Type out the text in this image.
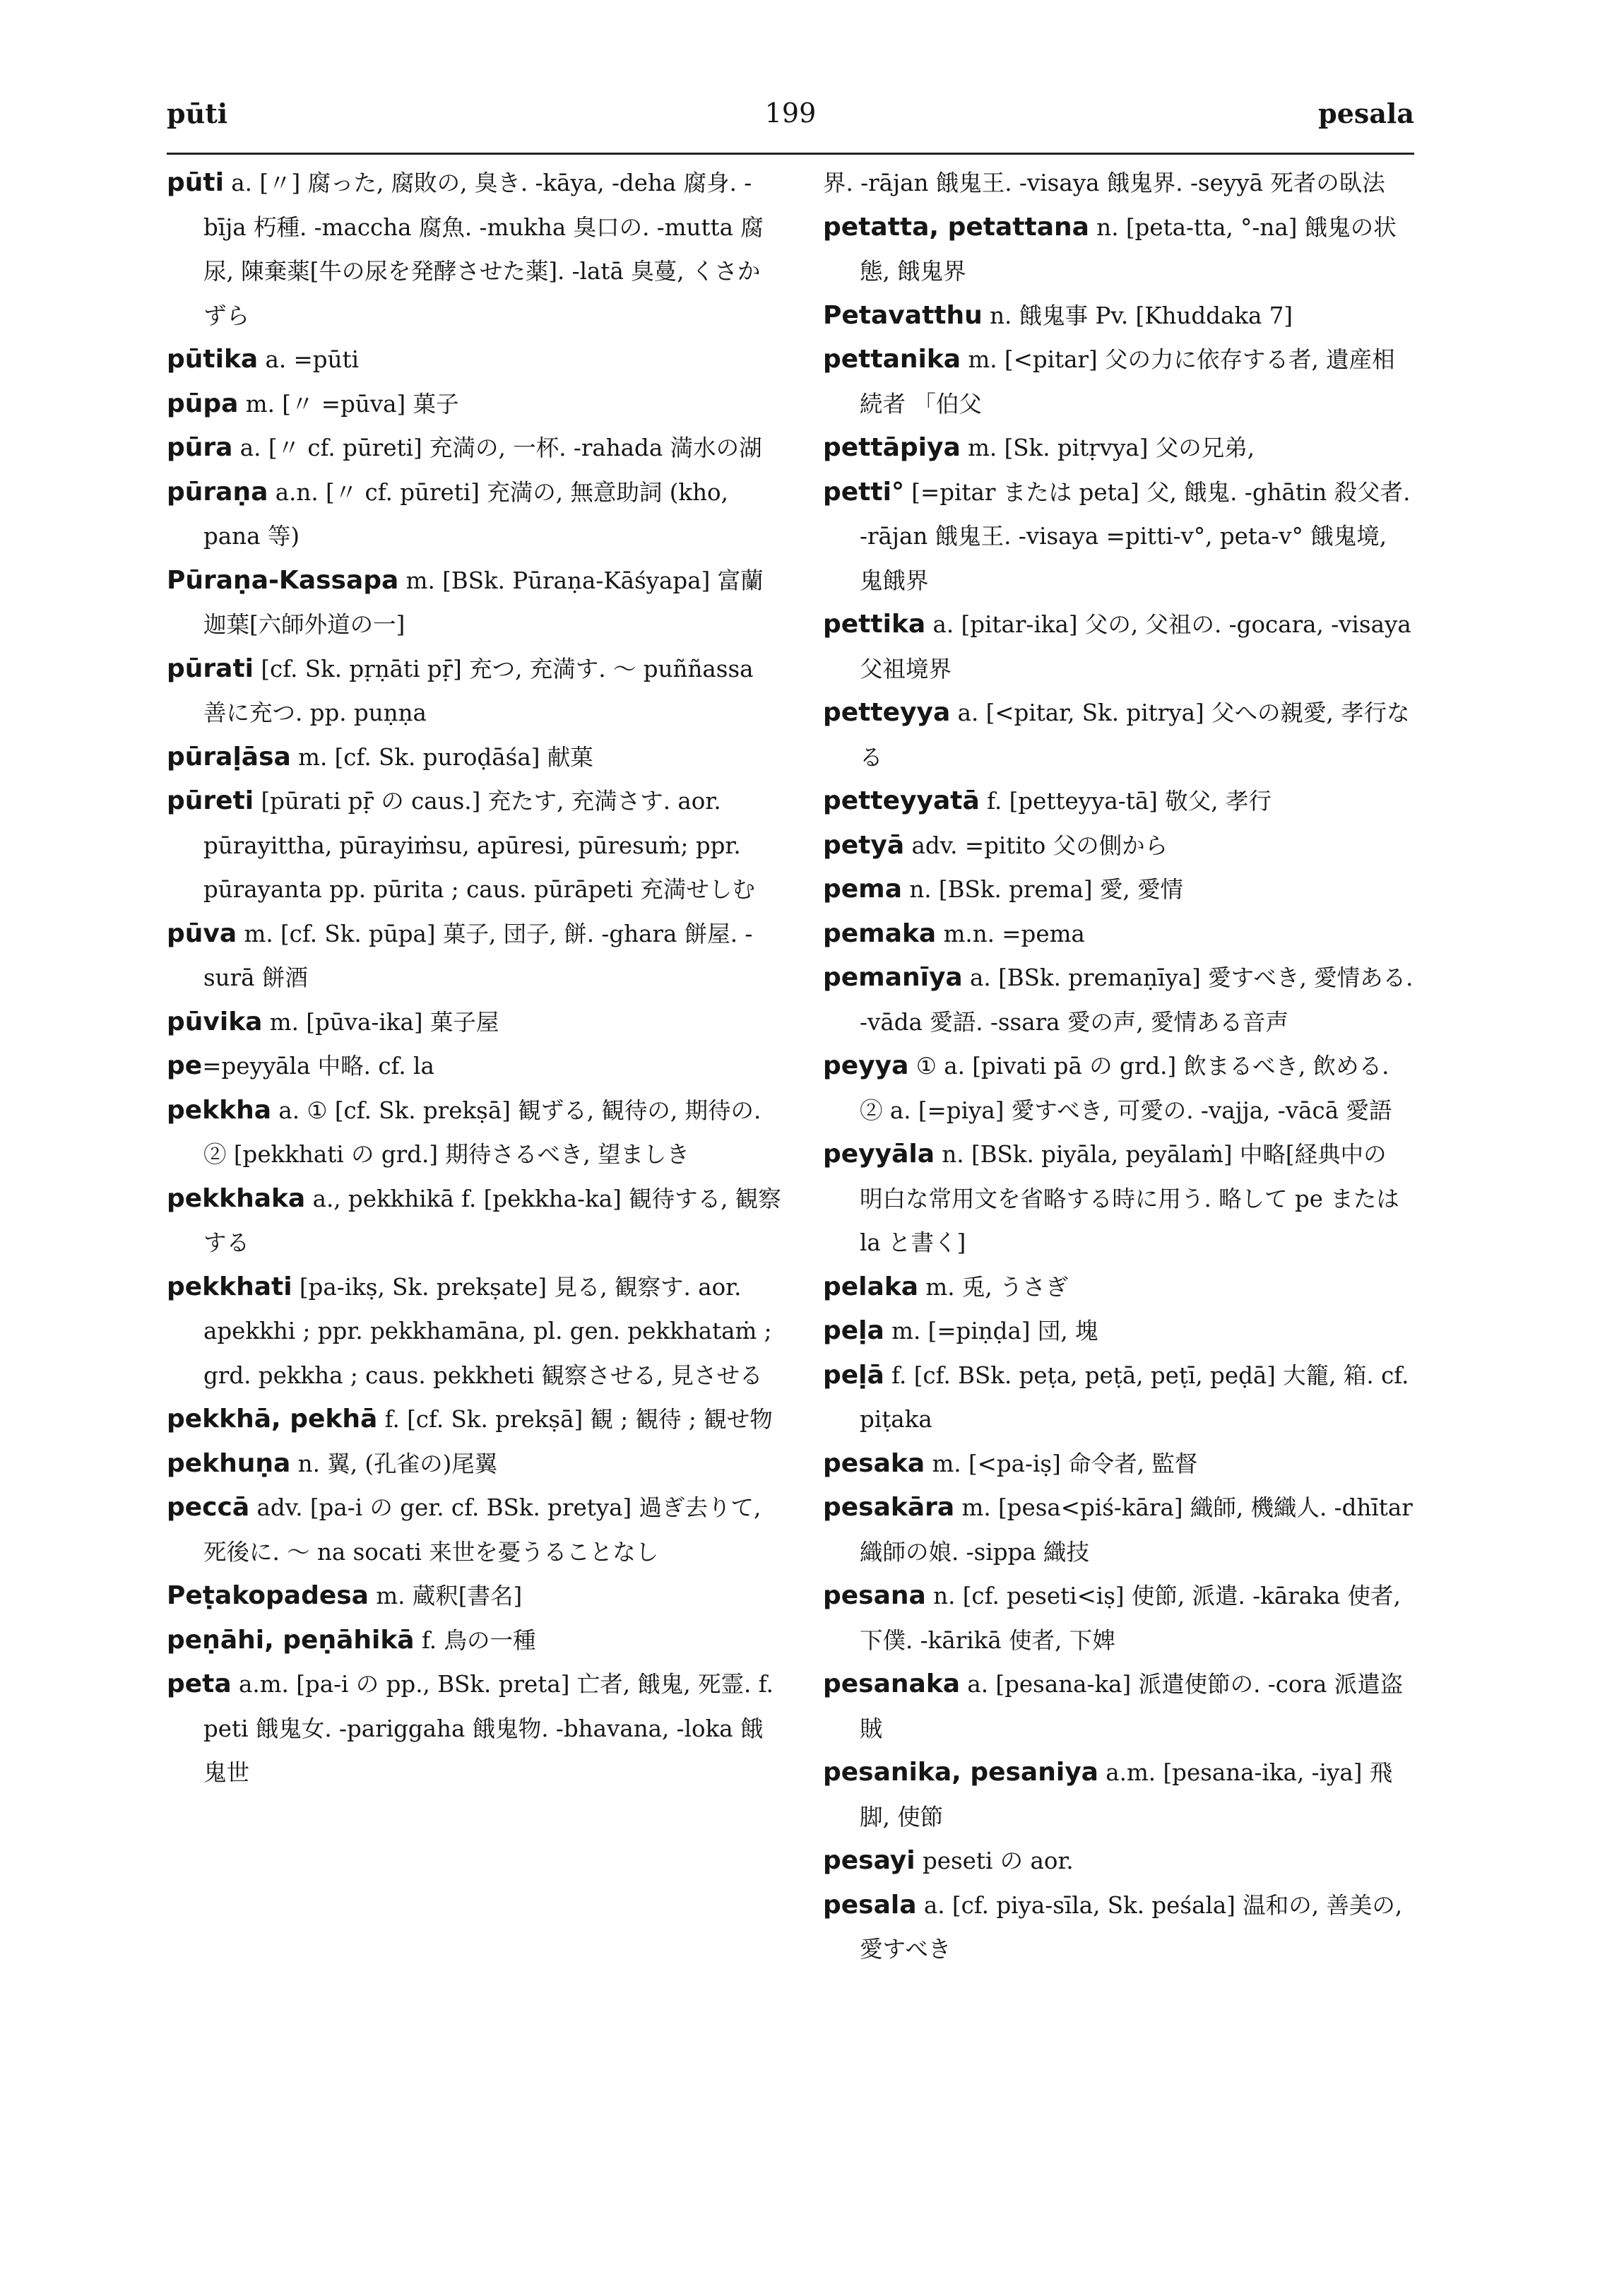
pūti	199	pesala
pūti a. [〃] 腐った, 腐敗の, 臭き. -kāya, -deha 腐身. -bīja 朽種. -maccha 腐魚. -mukha 臭口の. -mutta 腐尿, 陳棄薬[牛の尿を発酵させた薬]. -latā 臭蔓, くさかずら
pūtika a. =pūti
pūpa m. [〃 =pūva] 菓子
pūra a. [〃 cf. pūreti] 充満の, 一杯. -rahada 満水の湖
pūraṇa a.n. [〃 cf. pūreti] 充満の, 無意助詞 (kho, pana 等)
Pūraṇa-Kassapa m. [BSk. Pūraṇa-Kāśyapa] 富蘭迦葉[六師外道の一]
pūrati [cf. Sk. pṛṇāti pṝ] 充つ, 充満す. ～ puññassa 善に充つ. pp. puṇṇa
pūraḷāsa m. [cf. Sk. puroḍāśa] 献菓
pūreti [pūrati pṝ の caus.] 充たす, 充満さす. aor. pūrayittha, pūrayiṁsu, apūresi, pūresuṁ; ppr. pūrayanta pp. pūrita ; caus. pūrāpeti 充満せしむ
pūva m. [cf. Sk. pūpa] 菓子, 団子, 餅. -ghara 餅屋. -surā 餅酒
pūvika m. [pūva-ika] 菓子屋
pe=peyyāla 中略. cf. la
pekkha a. ① [cf. Sk. prekṣā] 観ずる, 観待の, 期待の. ② [pekkhati の grd.] 期待さるべき, 望ましき
pekkhaka a., pekkhikā f. [pekkha-ka] 観待する, 観察する
pekkhati [pa-ikṣ, Sk. prekṣate] 見る, 観察す. aor. apekkhi ; ppr. pekkhamāna, pl. gen. pekkhataṁ ; grd. pekkha ; caus. pekkheti 観察させる, 見させる
pekkhā, pekhā f. [cf. Sk. prekṣā] 観 ; 観待 ; 観せ物
pekhuṇa n. 翼, (孔雀の)尾翼
peccā adv. [pa-i の ger. cf. BSk. pretya] 過ぎ去りて, 死後に. ～ na socati 来世を憂うることなし
Peṭakopadesa m. 蔵釈[書名]
peṇāhi, peṇāhikā f. 鳥の一種
peta a.m. [pa-i の pp., BSk. preta] 亡者, 餓鬼, 死霊. f. peti 餓鬼女. -pariggaha 餓鬼物. -bhavana, -loka 餓鬼世
界. -rājan 餓鬼王. -visaya 餓鬼界. -seyyā 死者の臥法
petatta, petattana n. [peta-tta, °-na] 餓鬼の状態, 餓鬼界
Petavatthu n. 餓鬼事 Pv. [Khuddaka 7]
pettanika m. [<pitar] 父の力に依存する者, 遺産相続者 「伯父
pettāpiya m. [Sk. pitṛvya] 父の兄弟,
petti° [=pitar または peta] 父, 餓鬼. -ghātin 殺父者. -rājan 餓鬼王. -visaya =pitti-v°, peta-v° 餓鬼境, 鬼餓界
pettika a. [pitar-ika] 父の, 父祖の. -gocara, -visaya 父祖境界
petteyya a. [<pitar, Sk. pitrya] 父への親愛, 孝行なる
petteyyatā f. [petteyya-tā] 敬父, 孝行
petyā adv. =pitito 父の側から
pema n. [BSk. prema] 愛, 愛情
pemaka m.n. =pema
pemanīya a. [BSk. premaṇīya] 愛すべき, 愛情ある. -vāda 愛語. -ssara 愛の声, 愛情ある音声
peyya ① a. [pivati pā の grd.] 飲まるべき, 飲める. ② a. [=piya] 愛すべき, 可愛の. -vajja, -vācā 愛語
peyyāla n. [BSk. piyāla, peyālaṁ] 中略[経典中の 明白な常用文を省略する時に用う. 略して pe または la と書く]
pelaka m. 兎, うさぎ
peḷa m. [=piṇḍa] 団, 塊
peḷā f. [cf. BSk. peṭa, peṭā, peṭī, peḍā] 大籠, 箱. cf. piṭaka
pesaka m. [<pa-iṣ] 命令者, 監督
pesakāra m. [pesa<piś-kāra] 織師, 機織人. -dhītar 織師の娘. -sippa 織技
pesana n. [cf. peseti<iṣ] 使節, 派遣. -kāraka 使者, 下僕. -kārikā 使者, 下婢
pesanaka a. [pesana-ka] 派遣使節の. -cora 派遣盗賊
pesanika, pesaniya a.m. [pesana-ika, -iya] 飛脚, 使節
pesayi peseti の aor.
pesala a. [cf. piya-sīla, Sk. peśala] 温和の, 善美の, 愛すべき
